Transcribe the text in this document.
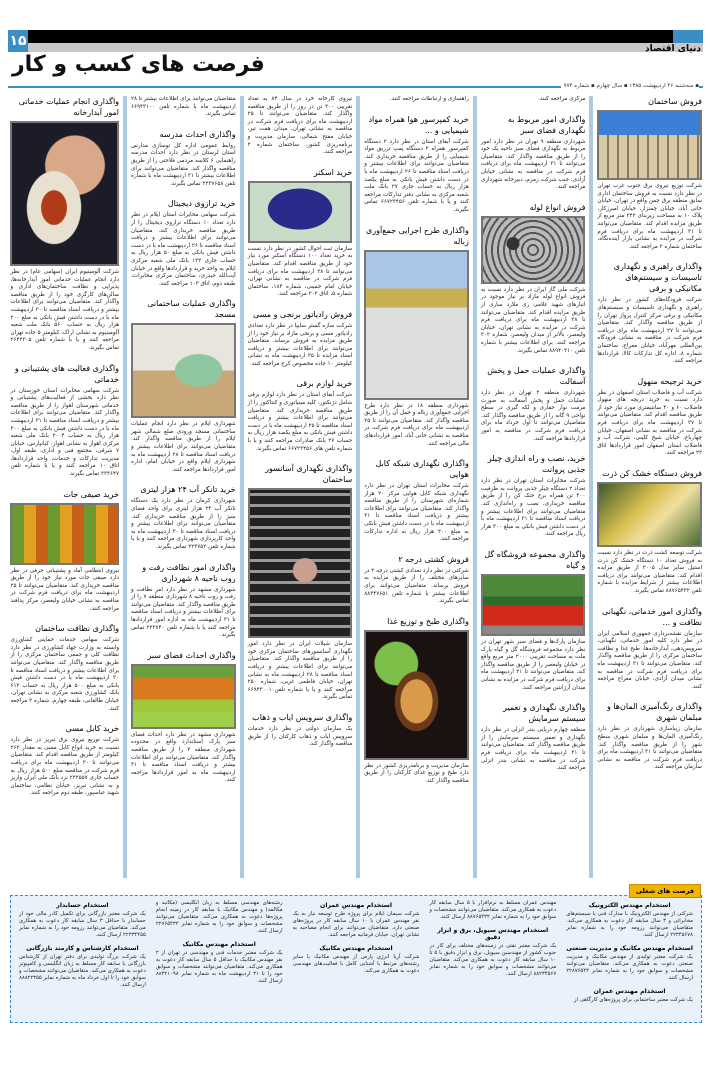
۱۵	دنیای اقتصاد
فرصت های کسب و کار
▪ سه‌شنبه ۲۶ اردیبهشت ۱۳۸۵ ▪ سال چهارم ▪ شماره ۹۷۴
فروش ساختمان

شرکت توزیع نیروی برق جنوب غرب تهران در نظر دارد نسبت به فروش ساختمان اداری سابق منطقه برق چمن واقع در تهران، خیابان خانی آباد، خیابان چمنزار، خیابان امیرزکار، پلاک ۱۰ به مساحت زیربنای ۲۴۲ متر مربع از طریق مزایده اقدام کند. متقاضیان می‌توانند تا ۳۱ اردیبهشت ماه برای دریافت فرم شرکت در مزایده به نشانی بازار آینده‌نگاه، ساختمان شماره ۲ مراجعه کنند.

واگذاری راهبری و نگهداری تاسیسات و سیستم‌های مکانیکی و برقی

شرکت فرودگاه‌های کشور در نظر دارد راهبری و نگهداری تاسیسات و سیستم‌های مکانیکی و برقی مرکز کنترل پرواز تهران را از طریق مناقصه واگذار کند. متقاضیان می‌توانند تا ۲۷ اردیبهشت ماه برای دریافت فرم شرکت در مناقصه به نشانی فرودگاه بین‌المللی مهرآباد، خیابان معراج، ساختمان شماره ۸، اداره کل تدارکات کالا، قراردادها مراجعه کنند.

خرید ترجیحه منهول

شرکت آب و فاضلاب استان اصفهان در نظر دارد نسبت به خرید دریچه های منهول فاضلاب ۶۰ و ۴۰ سانتیمتری مورد نیاز خود از طریق مناقصه اقدام کند. متقاضیان می‌توانند تا ۲۷ اردیبهشت ماه برای دریافت فرم شرکت در مناقصه به نشانی اصفهان، خیابان چهارباغ، خیابان شیخ کلینی، شرکت آب و فاضلاب استان اصفهان امور قراردادها اتاق ۲۲ مراجعه کنند.

فروش دستگاه خشک کن ذرت

شرکت توسعه کشت ذرت در نظر دارد نسبت به فروش تعداد ۱۰ دستگاه خشک کن ذرت استیل سایز مدل ۲۰۰۵ از طریق مزایده اقدام کند. متقاضیان می‌توانند برای دریافت اطلاعات بیشتر از شرایط مزایده با شماره تلفن ۸۸۷۶۵۴۳۲ تماس بگیرند.

واگذاری امور خدماتی، نگهبانی نظافت و ...

سازمان نقشه‌برداری جمهوری اسلامی ایران در نظر دارد کلیه امور خدماتی، نگهبانی، سرویس‌دهی، آبدارخانه‌ها، طبخ غذا و نظافت ساختمان مرکزی را از طریق مناقصه واگذار کند. متقاضیان می‌توانند تا ۳۱ اردیبهشت ماه برای دریافت فرم شرکت در مناقصه به نشانی میدان آزادی، خیابان معراج مراجعه کنند.

واگذاری رنگ‌آمیزی المان‌ها و مبلمان شهری

سازمان زیباسازی شهرداری در نظر دارد رنگ‌آمیزی المان‌ها و مبلمان شهری سطح شهر را از طریق مناقصه واگذار کند. متقاضیان می‌توانند تا ۳۱ اردیبهشت ماه برای دریافت فرم شرکت در مناقصه به نشانی سازمان مراجعه کنند.

مرکزی مراجعه کنند.

واگذاری امور مربوط به نگهداری فضای سبز

شهرداری منطقه ۹ تهران در نظر دارد امور مربوط به نگهداری فضای سبز ناحیه یک خود را از طریق مناقصه واگذار کند. متقاضیان می‌توانند تا ۳۱ اردیبهشت ماه برای دریافت فرم شرکت در مناقصه به نشانی خیابان آزادی، جنب شرکت زمزم، دبیرخانه شهرداری مراجعه کنند.

فروش انواع لوله

شرکت ملی گاز ایران در نظر دارد نسبت به فروش انواع لوله مازاد بر نیاز موجود در انبارهای شهید غلامی ری ملارد ساری از طریق مزایده اقدام کند. متقاضیان می‌توانند تا ۲۸ اردیبهشت ماه برای دریافت فرم شرکت در مزایده به نشانی تهران، خیابان ولیعصر، بالاتر از میدان ولیعصر، شماره ۲۰۲ مراجعه کنند. برای اطلاعات بیشتر با شماره تلفن ۸۸۹۴۰۲۱۰ تماس بگیرند.

واگذاری عملیات حمل و پخش آسفالت

شهرداری منطقه ۲ تهران در نظر دارد عملیات حمل و پخش آسفالت به صورت مرمت نوار حفاری و لکه گیری در سطح نواحی ۹ گانه را از طریق مناقصه واگذار کند. متقاضیان می‌توانند تا اول خرداد ماه برای دریافت فرم شرکت در مناقصه به امور قراردادها مراجعه کنند.

خرید، نصب و راه اندازی چیلر جذبی پروانت

شرکت مخابرات استان تهران در نظر دارد تعداد ۲ دستگاه چیلر جذبی پروانت به ظرفیت ۴۰۰ تن همراه برج خنک کن را از طریق مناقصه خریداری، نصب و راه‌اندازی کند. متقاضیان می‌توانند برای اطلاعات بیشتر و دریافت اسناد مناقصه تا ۳۱ اردیبهشت ماه با در دست داشتن فیش بانکی به مبلغ ۳۰۰ هزار ریال مراجعه کنند.

واگذاری مجموعه فروشگاه گل و گیاه

سازمان پارک‌ها و فضای سبز شهر تهران در نظر دارد مجموعه فروشگاه گل و گیاه پارک ملت به مساحت تقریبی ۲۰۰۰ متر مربع واقع در خیابان ولیعصر را از طریق مناقصه واگذار کند. متقاضیان می‌توانند تا ۳۱ اردیبهشت ماه برای دریافت فرم شرکت در مزایده به نشانی میدان آرژانتین مراجعه کنند.

واگذاری نگهداری و تعمیر سیستم سرمایش

منطقه چهارم دریایی بندر انزلی در نظر دارد نگهداری و تعمیر سیستم سرمایش را از طریق مناقصه واگذار کند. متقاضیان می‌توانند تا ۳۱ اردیبهشت ماه برای دریافت فرم شرکت در مناقصه به نشانی بندر انزلی مراجعه کنند.

راهسازی و ارتباطات مراجعه کنند.

خرید کمپرسور هوا همراه مواد شیمیایی و ...

شرکت آبفای استان در نظر دارد ۲ دستگاه کمپرسور همراه ۲ دستگاه پمپ تزریق مواد شیمیایی را از طریق مناقصه خریداری کند. متقاضیان می‌توانند برای اطلاعات بیشتر و دریافت اسناد مناقصه تا ۲۶ اردیبهشت ماه با در دست داشتن فیش بانکی به مبلغ یکصد هزار ریال به حساب جاری ۲۷ بانک ملت شعبه مرکزی به نشانی دفتر تدارکات مراجعه کنند و یا با شماره تلفن ۶۶۷۲۳۴۵۶ تماس بگیرند.

واگذاری طرح اجرایی جمع‌آوری زباله

شهرداری منطقه ۱۸ در نظر دارد طرح اجرایی جمع‌آوری زباله و حمل آن را از طریق مناقصه واگذار کند. متقاضیان می‌توانند تا ۲۵ اردیبهشت ماه برای دریافت فرم شرکت در مناقصه به نشانی خانی آباد، امور قراردادهای مالی مراجعه کنند.

واگذاری نگهداری شبکه کابل هوایی

شرکت مخابرات استان تهران در نظر دارد نگهداری شبکه کابل هوایی مرکز ۲۰ هزار شماره‌ای شهرستان را از طریق مناقصه واگذار کند. متقاضیان می‌توانند برای اطلاعات بیشتر و دریافت اسناد مناقصه تا ۳۱ اردیبهشت ماه با در دست داشتن فیش بانکی به مبلغ ۳۰۰ هزار ریال به اداره تدارکات مراجعه کنند.

فروش کشتی درجه ۲

شرکتی در نظر دارد تعدادی کشتی درجه ۲ در سایزهای مختلف را از طریق مزایده به فروش برساند. متقاضیان می‌توانند برای اطلاعات بیشتر با شماره تلفن ۸۸۳۴۷۶۵۱ تماس بگیرند.

واگذاری طبخ و توزیع غذا

سازمان مدیریت و برنامه‌ریزی کشور در نظر دارد طبخ و توزیع غذای کارکنان را از طریق مناقصه واگذار کند.

نیروی کارخانه خرد در سال ۸۴ به تعداد تقریبی ۳۰۰ تن در روز را از طریق مناقصه واگذار کند. متقاضیان می‌توانند تا ۲۵ اردیبهشت ماه برای دریافت فرم شرکت در مناقصه به نشانی تهران، میدان هفت تیر، خیابان مفتح شمالی، سازمان مدیریت و برنامه‌ریزی کشور، ساختمان شماره ۲ مراجعه کنند.

خرید اسکنر

سازمان ثبت احوال کشور در نظر دارد نسبت به خرید تعداد ۱۰۰ دستگاه اسکنر مورد نیاز خود از طریق مناقصه اقدام کند. متقاضیان می‌توانند تا ۲۸ اردیبهشت ماه برای دریافت فرم شرکت در مناقصه به نشانی تهران، خیابان امام خمینی، شماره ۱۸۴، ساختمان شماره ۵، اتاق ۲۰۲ مراجعه کنند.

فروش رادیاتور برنجی و مسی

شرکت سازه گستر سایپا در نظر دارد تعدادی رادیاتور مسی و برنجی مازاد بر نیاز خود را از طریق مزایده به فروش برساند. متقاضیان می‌توانند برای اطلاعات بیشتر و دریافت اسناد مزایده تا ۲۵ اردیبهشت ماه به نشانی کیلومتر ۱۰ جاده مخصوص کرج مراجعه کنند.

خرید لوازم برقی

شرکت آبفای استان در نظر دارد لوازم برقی شامل دژنکتور، کلید مینیاتوری و کنتاکتور را از طریق مناقصه خریداری کند. متقاضیان می‌توانند برای اطلاعات بیشتر و دریافت اسناد مناقصه تا ۲۵ اردیبهشت ماه با در دست داشتن فیش بانکی به مبلغ یکصد هزار ریال به حساب ۲۷ بانک صادرات مراجعه کنند و یا با شماره تلفن های ۶۶۷۲۳۴۵۶ تماس بگیرند.

واگذاری نگهداری آسانسور ساختمان

سازمان شیلات ایران در نظر دارد امور نگهداری آسانسورهای ساختمان مرکزی خود را از طریق مناقصه واگذار کند. متقاضیان می‌توانند برای اطلاعات بیشتر و دریافت اسناد مناقصه تا ۲۸ اردیبهشت ماه به نشانی تهران، خیابان فاطمی غربی، شماره ۲۵۰ مراجعه کنند و یا با شماره تلفن ۶۶۹۴۳۰۰۱ تماس بگیرند.

واگذاری سرویس ایاب و ذهاب

یک سازمان دولتی در نظر دارد خدمات سرویس ایاب و ذهاب کارکنان را از طریق مناقصه واگذار کند.

متقاضیان می‌توانند برای اطلاعات بیشتر تا ۲۸ اردیبهشت ماه با شماره تلفن ۶۶۹۴۳۱۰۰ تماس بگیرند.

واگذاری احداث مدرسه

روابط عمومی اداره کل نوسازی مدارس استان لرستان در نظر دارد احداث مدرسه راهنمایی ۶ کلاسه مردمی فلاحتی را از طریق مناقصه واگذار کند. متقاضیان می‌توانند برای اطلاعات بیشتر تا ۳۱ اردیبهشت ماه با شماره تلفن ۲۲۳۷۶۵۸ تماس بگیرند.

خرید ترازوی دیجیتال

شرکت سهامی مخابرات استان ایلام در نظر دارد تعداد ۱۰ دستگاه ترازوی دیجیتال را از طریق مناقصه خریداری کند. متقاضیان می‌توانند برای اطلاعات بیشتر و دریافت اسناد مناقصه تا ۲۶ اردیبهشت ماه با در دست داشتن فیش بانکی به مبلغ ۵۰ هزار ریال به حساب جاری ۱۳۲ بانک ملی شعبه مرکزی ایلام به واحد خرید و قراردادها واقع در خیابان آیت‌الله حیدری، ساختمان مرکزی مخابرات، طبقه دوم، اتاق ۱۰۳ مراجعه کنند.

واگذاری عملیات ساختمانی مسجد

شهرداری ایلام در نظر دارد انجام عملیات ساختمانی مسجد ورودی ضلع شمالی شهر ایلام را از طریق مناقصه واگذار کند. متقاضیان می‌توانند برای اطلاعات بیشتر و دریافت اسناد مناقصه تا ۲۸ اردیبهشت ماه به شهرداری ایلام واقع در خیابان امام، اداره امور قراردادها مراجعه کنند.

خرید تانکر آب ۲۴ هزار لیتری

شهرداری کرمان در نظر دارد یک دستگاه تانکر آب ۲۴ هزار لیتری برای واحد فضای سبز را از طریق مناقصه خریداری کند. متقاضیان می‌توانند برای اطلاعات بیشتر و دریافت اسناد مناقصه تا ۳۰ اردیبهشت ماه به واحد کارپردازی شهرداری مراجعه کنند و یا با شماره تلفن ۲۲۳۷۵۲ تماس بگیرند.

واگذاری امور نظافت رفت و روب ناحیه ۸ شهرداری

شهرداری مشهد در نظر دارد امر نظافت و رفت و روب ناحیه ۸ شهرداری منطقه ۷ را از طریق مناقصه واگذار کند. متقاضیان می‌توانند برای اطلاعات بیشتر و دریافت اسناد مناقصه تا ۳۱ اردیبهشت ماه به اداره امور قراردادها مراجعه کنند یا با شماره تلفن ۲۲۳۷۴۰ تماس بگیرند.

واگذاری احداث فضای سبز

شهرداری مشهد در نظر دارد احداث فضای سبز پارک استاندارد واقع در محدوده شهرداری منطقه ۲ را از طریق مناقصه واگذار کند. متقاضیان می‌توانند برای اطلاعات بیشتر و دریافت اسناد مناقصه تا ۳۱ اردیبهشت ماه به امور قراردادها مراجعه کنند.

واگذاری انجام عملیات خدماتی امور آبدارخانه

شرکت آلومینیوم ایران (سهامی عام) در نظر دارد انجام عملیات خدماتی امور آبدارخانه‌ها، پذیرایی و نظافت ساختمان‌های اداری و سالن‌های کارگری خود را از طریق مناقصه واگذار کند. متقاضیان می‌توانند برای اطلاعات بیشتر و دریافت اسناد مناقصه تا ۲۰ اردیبهشت ماه با در دست داشتن فیش بانکی به مبلغ ۲۰۰ هزار ریال به حساب ۵۶۰ بانک ملت شعبه آلومینیوم به نشانی اراک، کیلومتر ۵ جاده تهران مراجعه کنند و یا با شماره تلفن ۲۶۴۲۳۰۵ تماس بگیرند.

واگذاری فعالیت های پشتیبانی و خدماتی

شرکت سهامی مخابرات استان خوزستان در نظر دارد بخشی از فعالیت‌های پشتیبانی و خدماتی شهرستان اهواز را از طریق مناقصه واگذار کند. متقاضیان می‌توانند برای اطلاعات بیشتر و دریافت اسناد مناقصه تا ۳۱ اردیبهشت ماه با در دست داشتن فیش بانکی به مبلغ ۳۰۰ هزار ریال به حساب ۲۰۰۴ بانک ملی شعبه مرکزی اهواز به نشانی اهواز، کیانپارس، خیابان ۷ شرقی، مجتمع فنی و اداری، طبقه اول، مدیریت تدارکات و خدمات، واحد قراردادها، اتاق ۱۰ مراجعه کنند و یا با شماره تلفن ۳۳۳۶۴۷ تماس بگیرند.

خرید صیفی جات

نیروی انتظامی آماد و پشتیبانی حرفی در نظر دارد صیفی جات مورد نیاز خود را از طریق مناقصه خریداری کند. متقاضیان می‌توانند تا ۲۵ اردیبهشت ماه برای دریافت فرم شرکت در مناقصه به نشانی خیابان ولیعصر، مرکز پدافند مراجعه کنند.

واگذاری نظافت ساختمان

شرکت سهامی خدمات حمایتی کشاورزی وابسته به وزارت جهاد کشاورزی در نظر دارد نظافت کلی و جمعی ساختمان مرکزی را از طریق مناقصه واگذار کند. متقاضیان می‌توانند برای اطلاعات بیشتر و دریافت اسناد مناقصه تا ۳۰ اردیبهشت ماه با در دست داشتن فیش بانکی به مبلغ ۵۰۰ هزار ریال به حساب ۶۱۲ بانک کشاورزی شعبه مرکزی به نشانی تهران، خیابان طالقانی، طبقه چهارم، شماره ۳ مراجعه کنند.

خرید کابل مسی

شرکت توزیع نیروی برق تبریز در نظر دارد نسبت به خرید انواع کابل مسی به مقدار ۲۶۲ کیلومتر از طریق مناقصه اقدام کند. متقاضیان می‌توانند تا ۳۰ اردیبهشت ماه برای دریافت فرم شرکت در مناقصه مبلغ ۵۰۰ هزار ریال به حساب جاری ۲۲۲۵۵۷ نزد بانک ملی ایران واریز و به نشانی تبریز، خیابان نظامی، ساختمان شهید عباسپور، طبقه دوم مراجعه کنند.

فرصت های شغلی
استخدام مهندس الکترونیک

شرکتی از مهندس الکترونیک با مدارک فنی با سیستم‌های مخابراتی و ۳ سال سابقه کار دعوت به همکاری می‌کند. متقاضیان می‌توانند رزومه خود را به شماره نمابر ۲۲۳۴۵۶۷۸ ارسال کنند.

استخدام مهندس مکانیک و مدیریت صنعتی

یک شرکت معتبر تولیدی از مهندس مکانیک و مدیریت صنعتی دعوت به همکاری می‌کند. متقاضیان می‌توانند مشخصات و سوابق خود را به شماره نمابر ۲۲۸۷۶۵۴۳ ارسال کنند.

استخدام مهندس عمران

یک شرکت معتبر ساختمانی برای پروژه‌های کارگاهی از

مهندس عمران مسلط به نرم‌افزار با ۵ سال سابقه کار دعوت به همکاری می‌کند. متقاضیان می‌توانند مشخصات و سوابق خود را به شماره نمابر ۸۸۷۶۵۴۳۲ ارسال کنند.

استخدام مهندس سیویل، برق و ابزار دقیق

یک شرکت معتبر نفتی در زمینه‌های مختلف برای کار در جنوب کشور از مهندسین سیویل، برق و ابزار دقیق با ۵ تا ۱۰ سال سابقه کار دعوت به همکاری می‌کند. متقاضیان می‌توانند مشخصات و سوابق خود را به شماره نمابر ۸۸۲۳۴۵۶۷ ارسال کنند.

استخدام مهندس عمران

شرکت سیمان ایلام برای پروژه طرح توسعه نیاز به یک نفر مهندس عمران با ۱۰ سال سابقه کار در پروژه‌های صنعتی دارد. متقاضیان می‌توانند برای انجام مصاحبه به نشانی تهران، خیابان فرمانیه مراجعه کنند.

استخدام مهندس مکانیک

شرکت آریا انرژی پارس از مهندس مکانیک یا سایر رشته‌های مرتبط با آشنایی کامل با فعالیت‌های مهندسی دعوت به همکاری می‌کند.

رشته‌های مهندسی مسلط به زبان انگلیسی (مکاتبه و مکالمه) و مهندس مکانیک با سابقه کار در زمینه انجام پروژه‌ها دعوت به همکاری می‌کند. متقاضیان می‌توانند مشخصات و سوابق خود را به شماره نمابر ۲۲۷۶۵۴۳۲ ارسال کنند.

استخدام مهندس مکانیک

یک شرکت معتبر خدمات فنی و مهندسی در تهران از ۲ نفر مهندس مکانیک با حداقل ۵ سال سابقه کار دعوت به همکاری می‌کند. متقاضیان می‌توانند مشخصات و سوابق خود را تا ۳۱ اردیبهشت ماه به شماره نمابر ۸۸۳۲۱۰۹۸ ارسال کنند.

استخدام حسابدار

یک شرکت معتبر بازرگانی برای تکمیل کادر مالی خود از حسابدار با حداقل ۳ سال سابقه کار دعوت به همکاری می‌کند. متقاضیان می‌توانند رزومه خود را به شماره نمابر ۲۲۳۳۴۴۵۵ ارسال کنند.

استخدام کارشناس و کارمند بازرگانی

یک شرکت بزرگ تولیدی برای دفتر تهران از کارشناس بازرگانی با سابقه کار مسلط به زبان انگلیسی و کامپیوتر دعوت به همکاری می‌کند. متقاضیان می‌توانند مشخصات و سوابق خود را تا اول خرداد ماه به شماره نمابر ۸۸۸۲۲۳۵۵ ارسال کنند.
